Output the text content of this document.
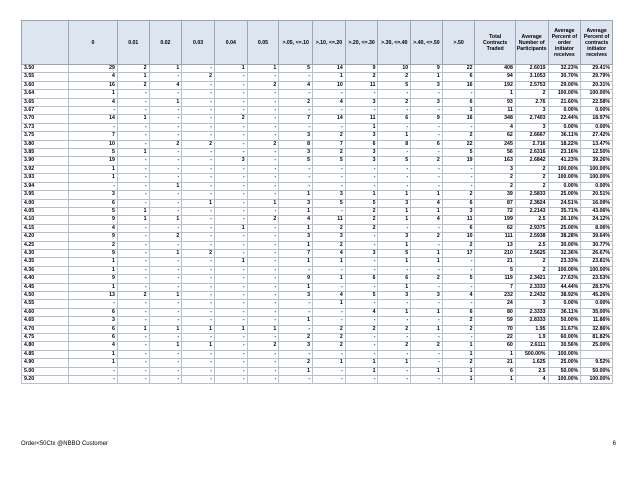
	0	0.01	0.02	0.03	0.04	0.05	>.05, <=.10	>.10, <=.20	>.20, <=.30	>.30, <=.40	>.40, <=.50	>.50	Total Contracts Traded	Average Number of Participants	Average Percent of order initiator receives	Average Percent of contracts initiator receives
3.50	29	2	1	-	1	1	5	14	9	10	9	22	408	2.6019	32.23%	29.41%
3.55	4	1	-	2	-	-	-	1	2	2	1	6	94	3.1053	30.70%	29.79%
3.60	16	2	4	-	-	2	4	10	11	5	3	16	192	2.5753	29.00%	20.31%
3.64	1	-	-	-	-	-	-	-	-	-	-	-	1	2	100.00%	100.00%
3.65	4	-	1	-	-	-	2	4	3	2	3	6	93	2.76	21.60%	22.58%
3.67	-	-	-	-	-	-	-	-	-	-	-	1	11	3	0.00%	0.00%
3.70	14	1	-	-	2	-	7	14	11	6	9	16	348	2.7403	22.44%	18.97%
3.73	-	-	-	-	-	-	-	-	1	-	-	-	4	3	0.00%	0.00%
3.75	7	-	-	-	-	-	3	2	3	1	-	2	62	2.6667	36.11%	27.42%
3.80	10	-	2	2	-	2	8	7	6	8	6	22	245	2.716	18.22%	13.47%
3.85	5	1	-	-	-	-	3	2	3	-	-	5	56	2.6316	23.16%	12.50%
3.90	19	-	-	-	3	-	5	5	3	5	2	19	163	2.6842	41.23%	39.26%
3.92	1	-	-	-	-	-	-	-	-	-	-	-	3	2	100.00%	100.00%
3.93	1	-	-	-	-	-	-	-	-	-	-	-	2	2	100.00%	100.00%
3.94	-	-	1	-	-	-	-	-	-	-	-	-	2	2	0.00%	0.00%
3.95	3	-	-	-	-	-	1	3	1	1	1	2	39	2.5833	25.00%	20.51%
4.00	6	-	-	1	-	1	3	5	5	3	4	6	87	2.3824	24.51%	16.09%
4.05	5	1	-	-	-	-	1	-	2	1	1	3	72	2.2143	35.71%	43.06%
4.10	9	1	1	-	-	2	4	11	2	1	4	11	199	2.5	26.10%	24.12%
4.15	4	-	-	-	1	-	1	2	2	-	-	6	62	2.9375	25.00%	8.06%
4.20	9	-	2	-	-	-	3	3	-	3	2	10	111	2.5938	38.28%	39.64%
4.25	2	-	-	-	-	-	1	2	-	1	-	2	13	2.5	30.00%	30.77%
4.30	9	-	1	2	-	-	7	4	3	5	1	17	210	2.5625	32.36%	26.67%
4.35	1	-	-	-	1	-	1	1	-	1	1	-	21	2	23.33%	23.81%
4.36	1	-	-	-	-	-	-	-	-	-	-	-	5	2	100.00%	100.00%
4.40	9	-	-	-	-	-	9	1	6	6	2	5	119	2.3421	27.63%	23.53%
4.45	1	-	-	-	-	-	1	-	-	1	-	-	7	2.3333	44.44%	28.57%
4.50	13	2	1	-	-	-	3	4	5	3	3	4	232	2.2432	38.92%	45.26%
4.55	-	-	-	-	-	-	-	1	-	-	-	-	24	3	0.00%	0.00%
4.60	6	-	-	-	-	-	-	-	4	1	1	6	80	2.3333	36.11%	35.00%
4.65	3	-	-	-	-	-	1	-	-	-	-	2	59	2.8333	50.00%	11.86%
4.70	6	1	1	1	1	1	-	2	2	2	1	2	70	1.95	31.67%	32.86%
4.75	6	-	-	-	-	-	2	2	-	-	-	-	22	1.9	60.00%	81.82%
4.80	4	-	1	1	-	2	3	2	-	2	2	1	60	2.6111	30.56%	25.00%
4.85	1	-	-	-	-	-	-	-	-	-	-	1	1	500.00%	100.00%	
4.90	1	-	-	-	-	-	2	1	1	1	-	2	21	1.625	25.00%	9.52%
5.00	-	-	-	-	-	-	1	-	1	-	1	1	6	2.5	50.00%	50.00%
9.20	-	-	-	-	-	-	-	-	-	-	-	1	1	4	100.00%	100.00%
Order<50Ctx @NBBO Customer	6
